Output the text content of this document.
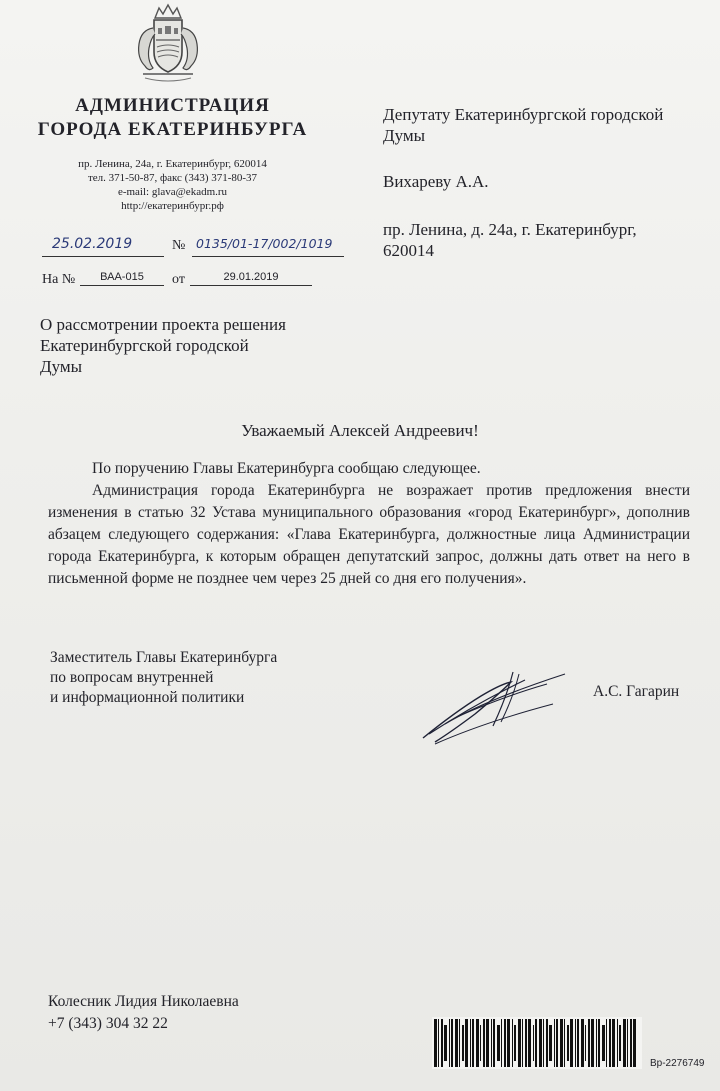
АДМИНИСТРАЦИЯ
ГОРОДА ЕКАТЕРИНБУРГА
пр. Ленина, 24а, г. Екатеринбург, 620014
тел. 371-50-87, факс (343) 371-80-37
e-mail: glava@ekadm.ru
http://екатеринбург.рф
25.02.2019	№ 0135/01-17/002/1019
На №	ВАА-015	от	29.01.2019
Депутату Екатеринбургской городской
Думы
Вихареву А.А.
пр. Ленина, д. 24а, г. Екатеринбург,
620014
О рассмотрении проекта решения
Екатеринбургской городской
Думы
Уважаемый Алексей Андреевич!
По поручению Главы Екатеринбурга сообщаю следующее.
Администрация города Екатеринбурга не возражает против предложения внести изменения в статью 32 Устава муниципального образования «город Екатеринбург», дополнив абзацем следующего содержания: «Глава Екатеринбурга, должностные лица Администрации города Екатеринбурга, к которым обращен депутатский запрос, должны дать ответ на него в письменной форме не позднее чем через 25 дней со дня его получения».
Заместитель Главы Екатеринбурга
по вопросам внутренней
и информационной политики	А.С. Гагарин
Колесник Лидия Николаевна
+7 (343) 304 32 22
Вр-2276749
